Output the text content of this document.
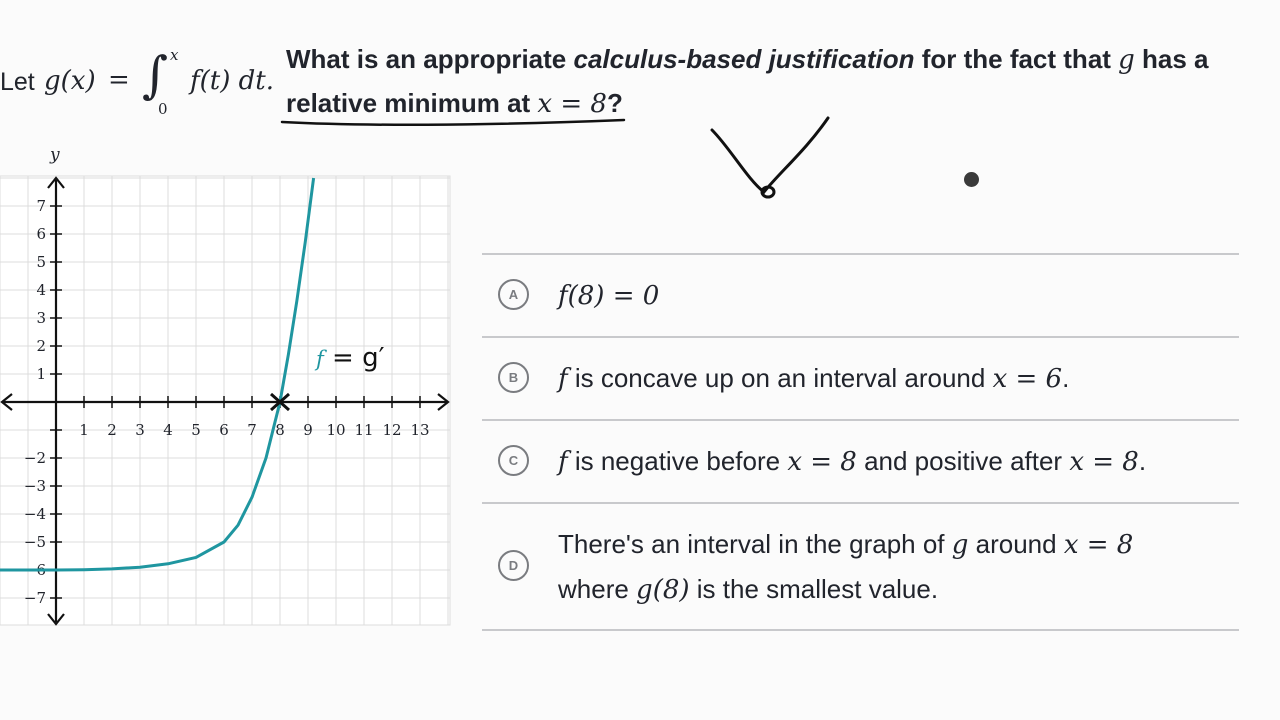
Let g(x) = ∫ x
0
f(t) dt.
What is an appropriate calculus-based justification for the fact that g has a
relative minimum at x = 8?
1 2 3 4 5 6 7 8 9 10 11 12 13
1
2
3
4
5
6
7
−2
−3
−4
−5
−6
−7
y
f = g′
A	f(8) = 0
B	f is concave up on an interval around x = 6.
C	f is negative before x = 8 and positive after x = 8.
D
There's an interval in the graph of g around x = 8
where g(8) is the smallest value.
